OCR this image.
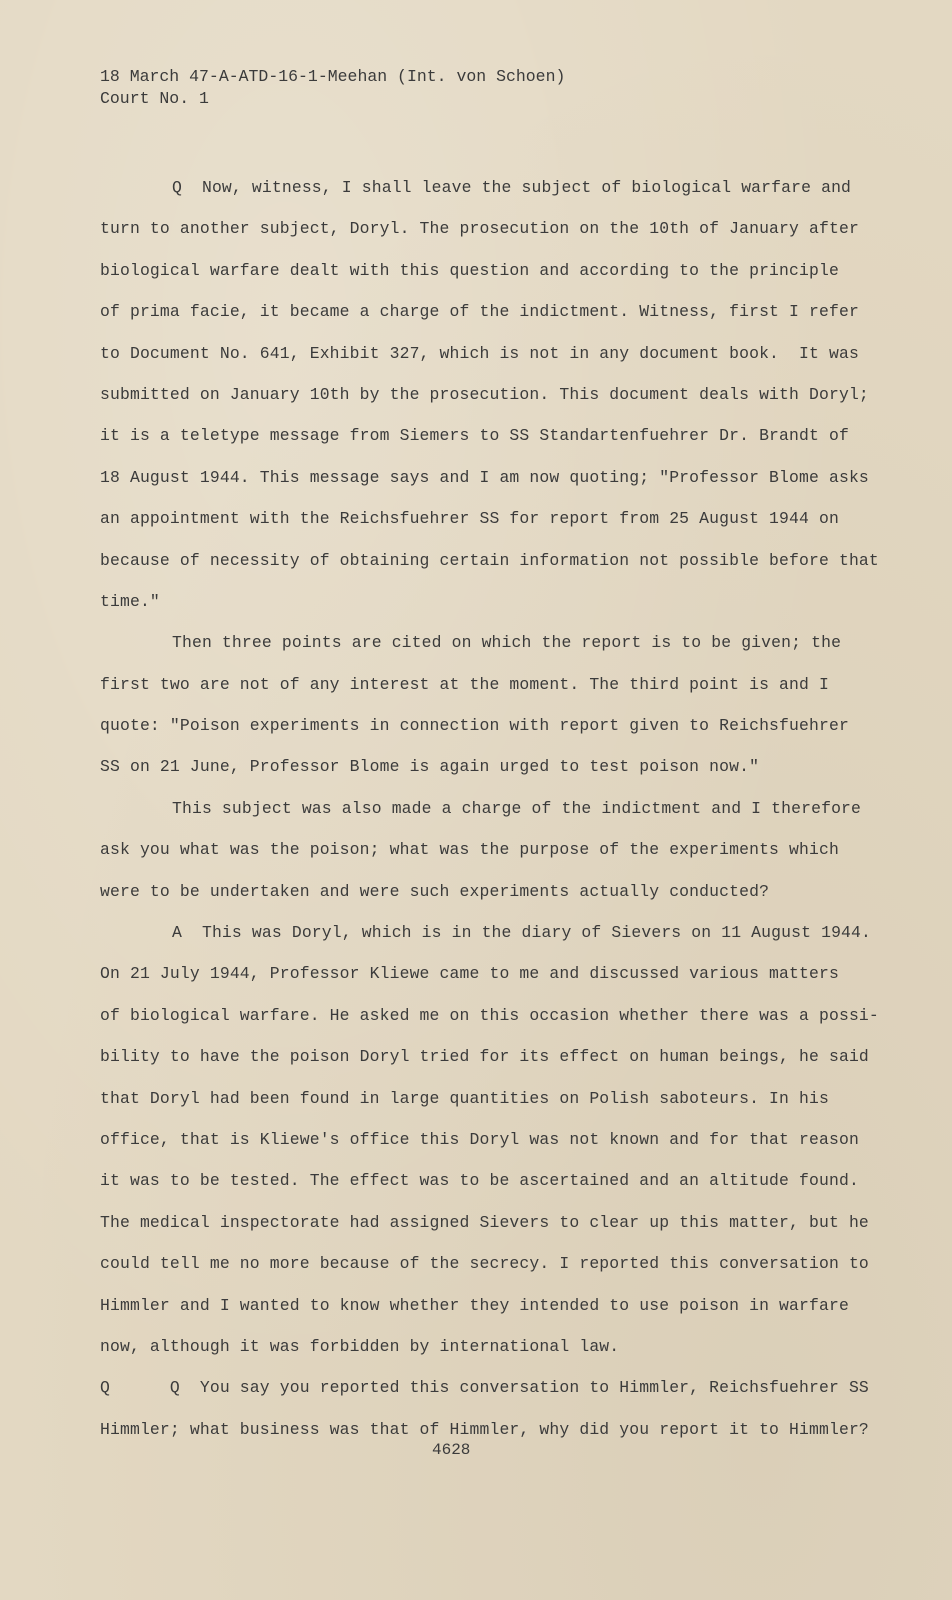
18 March 47-A-ATD-16-1-Meehan (Int. von Schoen)
Court No. 1
Q  Now, witness, I shall leave the subject of biological warfare and
turn to another subject, Doryl. The prosecution on the 10th of January after
biological warfare dealt with this question and according to the principle
of prima facie, it became a charge of the indictment. Witness, first I refer
to Document No. 641, Exhibit 327, which is not in any document book.  It was
submitted on January 10th by the prosecution. This document deals with Doryl;
it is a teletype message from Siemers to SS Standartenfuehrer Dr. Brandt of
18 August 1944. This message says and I am now quoting; "Professor Blome asks
an appointment with the Reichsfuehrer SS for report from 25 August 1944 on
because of necessity of obtaining certain information not possible before that
time."
Then three points are cited on which the report is to be given; the
first two are not of any interest at the moment. The third point is and I
quote: "Poison experiments in connection with report given to Reichsfuehrer
SS on 21 June, Professor Blome is again urged to test poison now."
This subject was also made a charge of the indictment and I therefore
ask you what was the poison; what was the purpose of the experiments which
were to be undertaken and were such experiments actually conducted?
A  This was Doryl, which is in the diary of Sievers on 11 August 1944.
On 21 July 1944, Professor Kliewe came to me and discussed various matters
of biological warfare. He asked me on this occasion whether there was a possi-
bility to have the poison Doryl tried for its effect on human beings, he said
that Doryl had been found in large quantities on Polish saboteurs. In his
office, that is Kliewe's office this Doryl was not known and for that reason
it was to be tested. The effect was to be ascertained and an altitude found.
The medical inspectorate had assigned Sievers to clear up this matter, but he
could tell me no more because of the secrecy. I reported this conversation to
Himmler and I wanted to know whether they intended to use poison in warfare
now, although it was forbidden by international law.
Q      Q  You say you reported this conversation to Himmler, Reichsfuehrer SS
Himmler; what business was that of Himmler, why did you report it to Himmler?
4628
